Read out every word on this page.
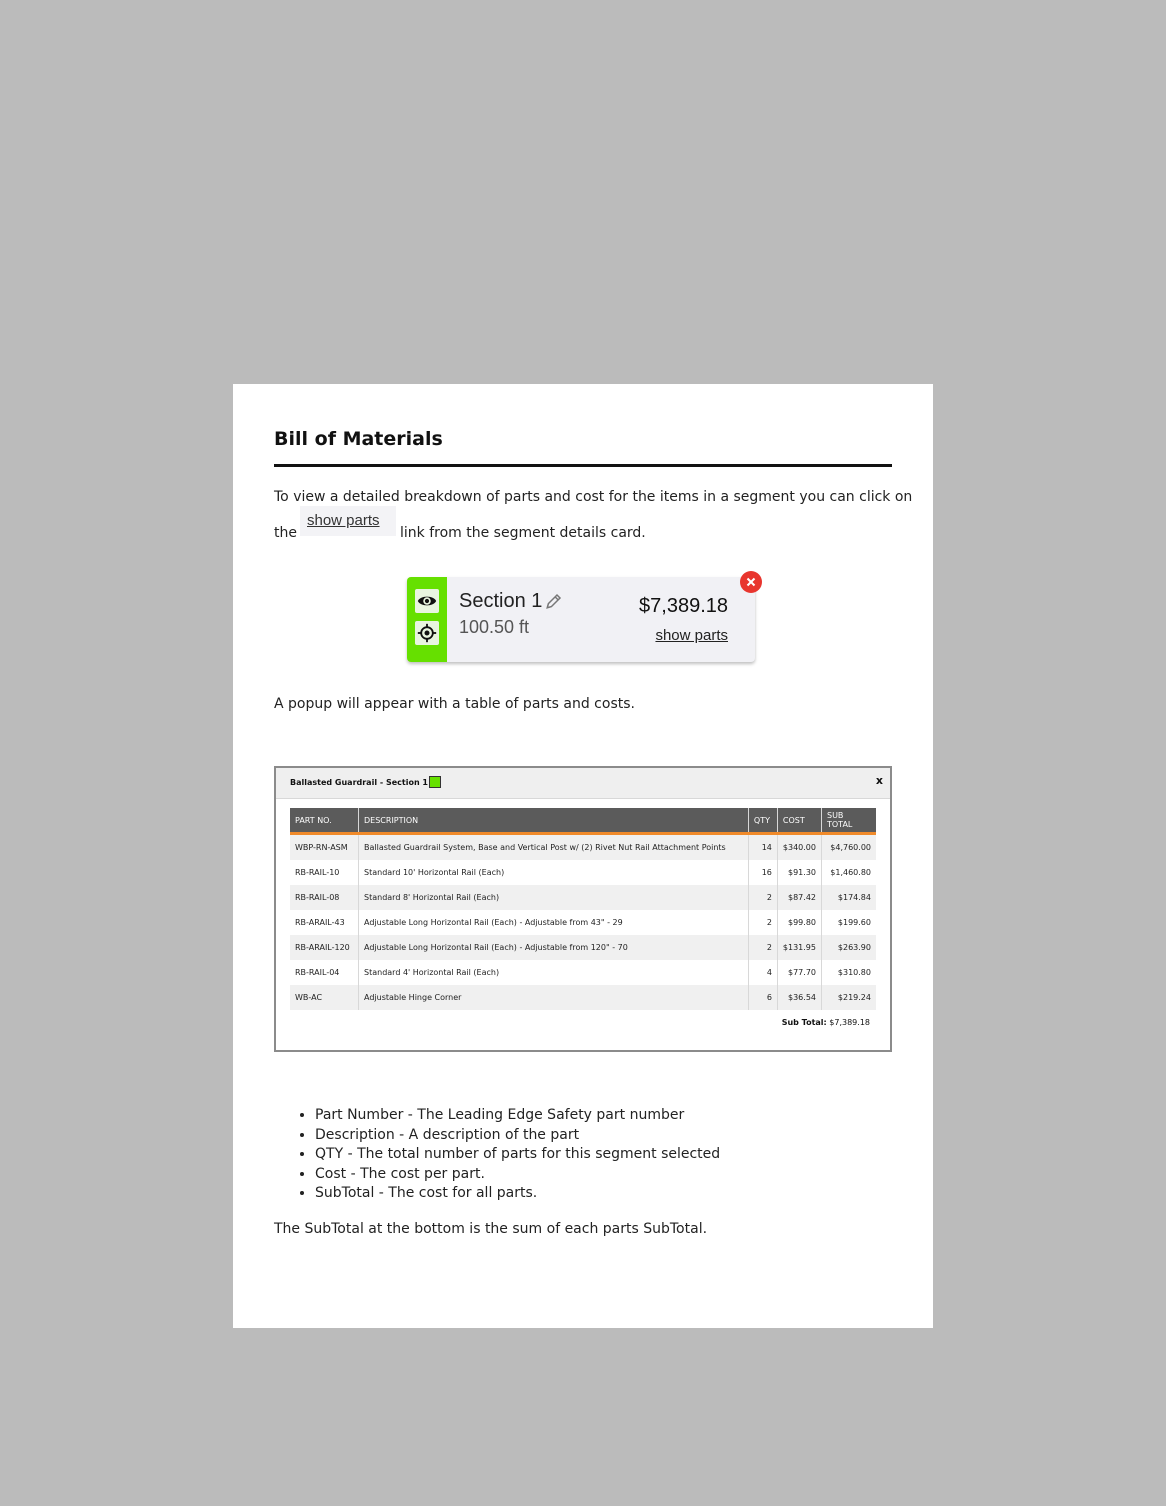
Bill of Materials

To view a detailed breakdown of parts and cost for the items in a segment you can click on

the

show parts

link from the segment details card.

Section 1
100.50 ft
$7,389.18
show parts

A popup will appear with a table of parts and costs.

Ballasted Guardrail - Section 1	x
PART NO.	DESCRIPTION	QTY	COST	SUB TOTAL
WBP-RN-ASM	Ballasted Guardrail System, Base and Vertical Post w/ (2) Rivet Nut Rail Attachment Points	14	$340.00	$4,760.00
RB-RAIL-10	Standard 10' Horizontal Rail (Each)	16	$91.30	$1,460.80
RB-RAIL-08	Standard 8' Horizontal Rail (Each)	2	$87.42	$174.84
RB-ARAIL-43	Adjustable Long Horizontal Rail (Each) - Adjustable from 43" - 29	2	$99.80	$199.60
RB-ARAIL-120	Adjustable Long Horizontal Rail (Each) - Adjustable from 120" - 70	2	$131.95	$263.90
RB-RAIL-04	Standard 4' Horizontal Rail (Each)	4	$77.70	$310.80
WB-AC	Adjustable Hinge Corner	6	$36.54	$219.24
Sub Total: $7,389.18
• Part Number - The Leading Edge Safety part number
• Description - A description of the part
• QTY - The total number of parts for this segment selected
• Cost - The cost per part.
• SubTotal - The cost for all parts.

The SubTotal at the bottom is the sum of each parts SubTotal.
